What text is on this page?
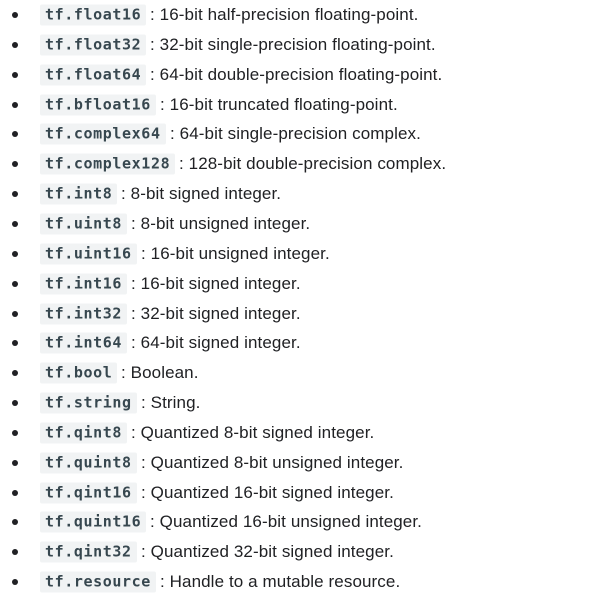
tf.float16 : 16-bit half-precision floating-point.
tf.float32 : 32-bit single-precision floating-point.
tf.float64 : 64-bit double-precision floating-point.
tf.bfloat16 : 16-bit truncated floating-point.
tf.complex64 : 64-bit single-precision complex.
tf.complex128 : 128-bit double-precision complex.
tf.int8 : 8-bit signed integer.
tf.uint8 : 8-bit unsigned integer.
tf.uint16 : 16-bit unsigned integer.
tf.int16 : 16-bit signed integer.
tf.int32 : 32-bit signed integer.
tf.int64 : 64-bit signed integer.
tf.bool : Boolean.
tf.string : String.
tf.qint8 : Quantized 8-bit signed integer.
tf.quint8 : Quantized 8-bit unsigned integer.
tf.qint16 : Quantized 16-bit signed integer.
tf.quint16 : Quantized 16-bit unsigned integer.
tf.qint32 : Quantized 32-bit signed integer.
tf.resource : Handle to a mutable resource.
